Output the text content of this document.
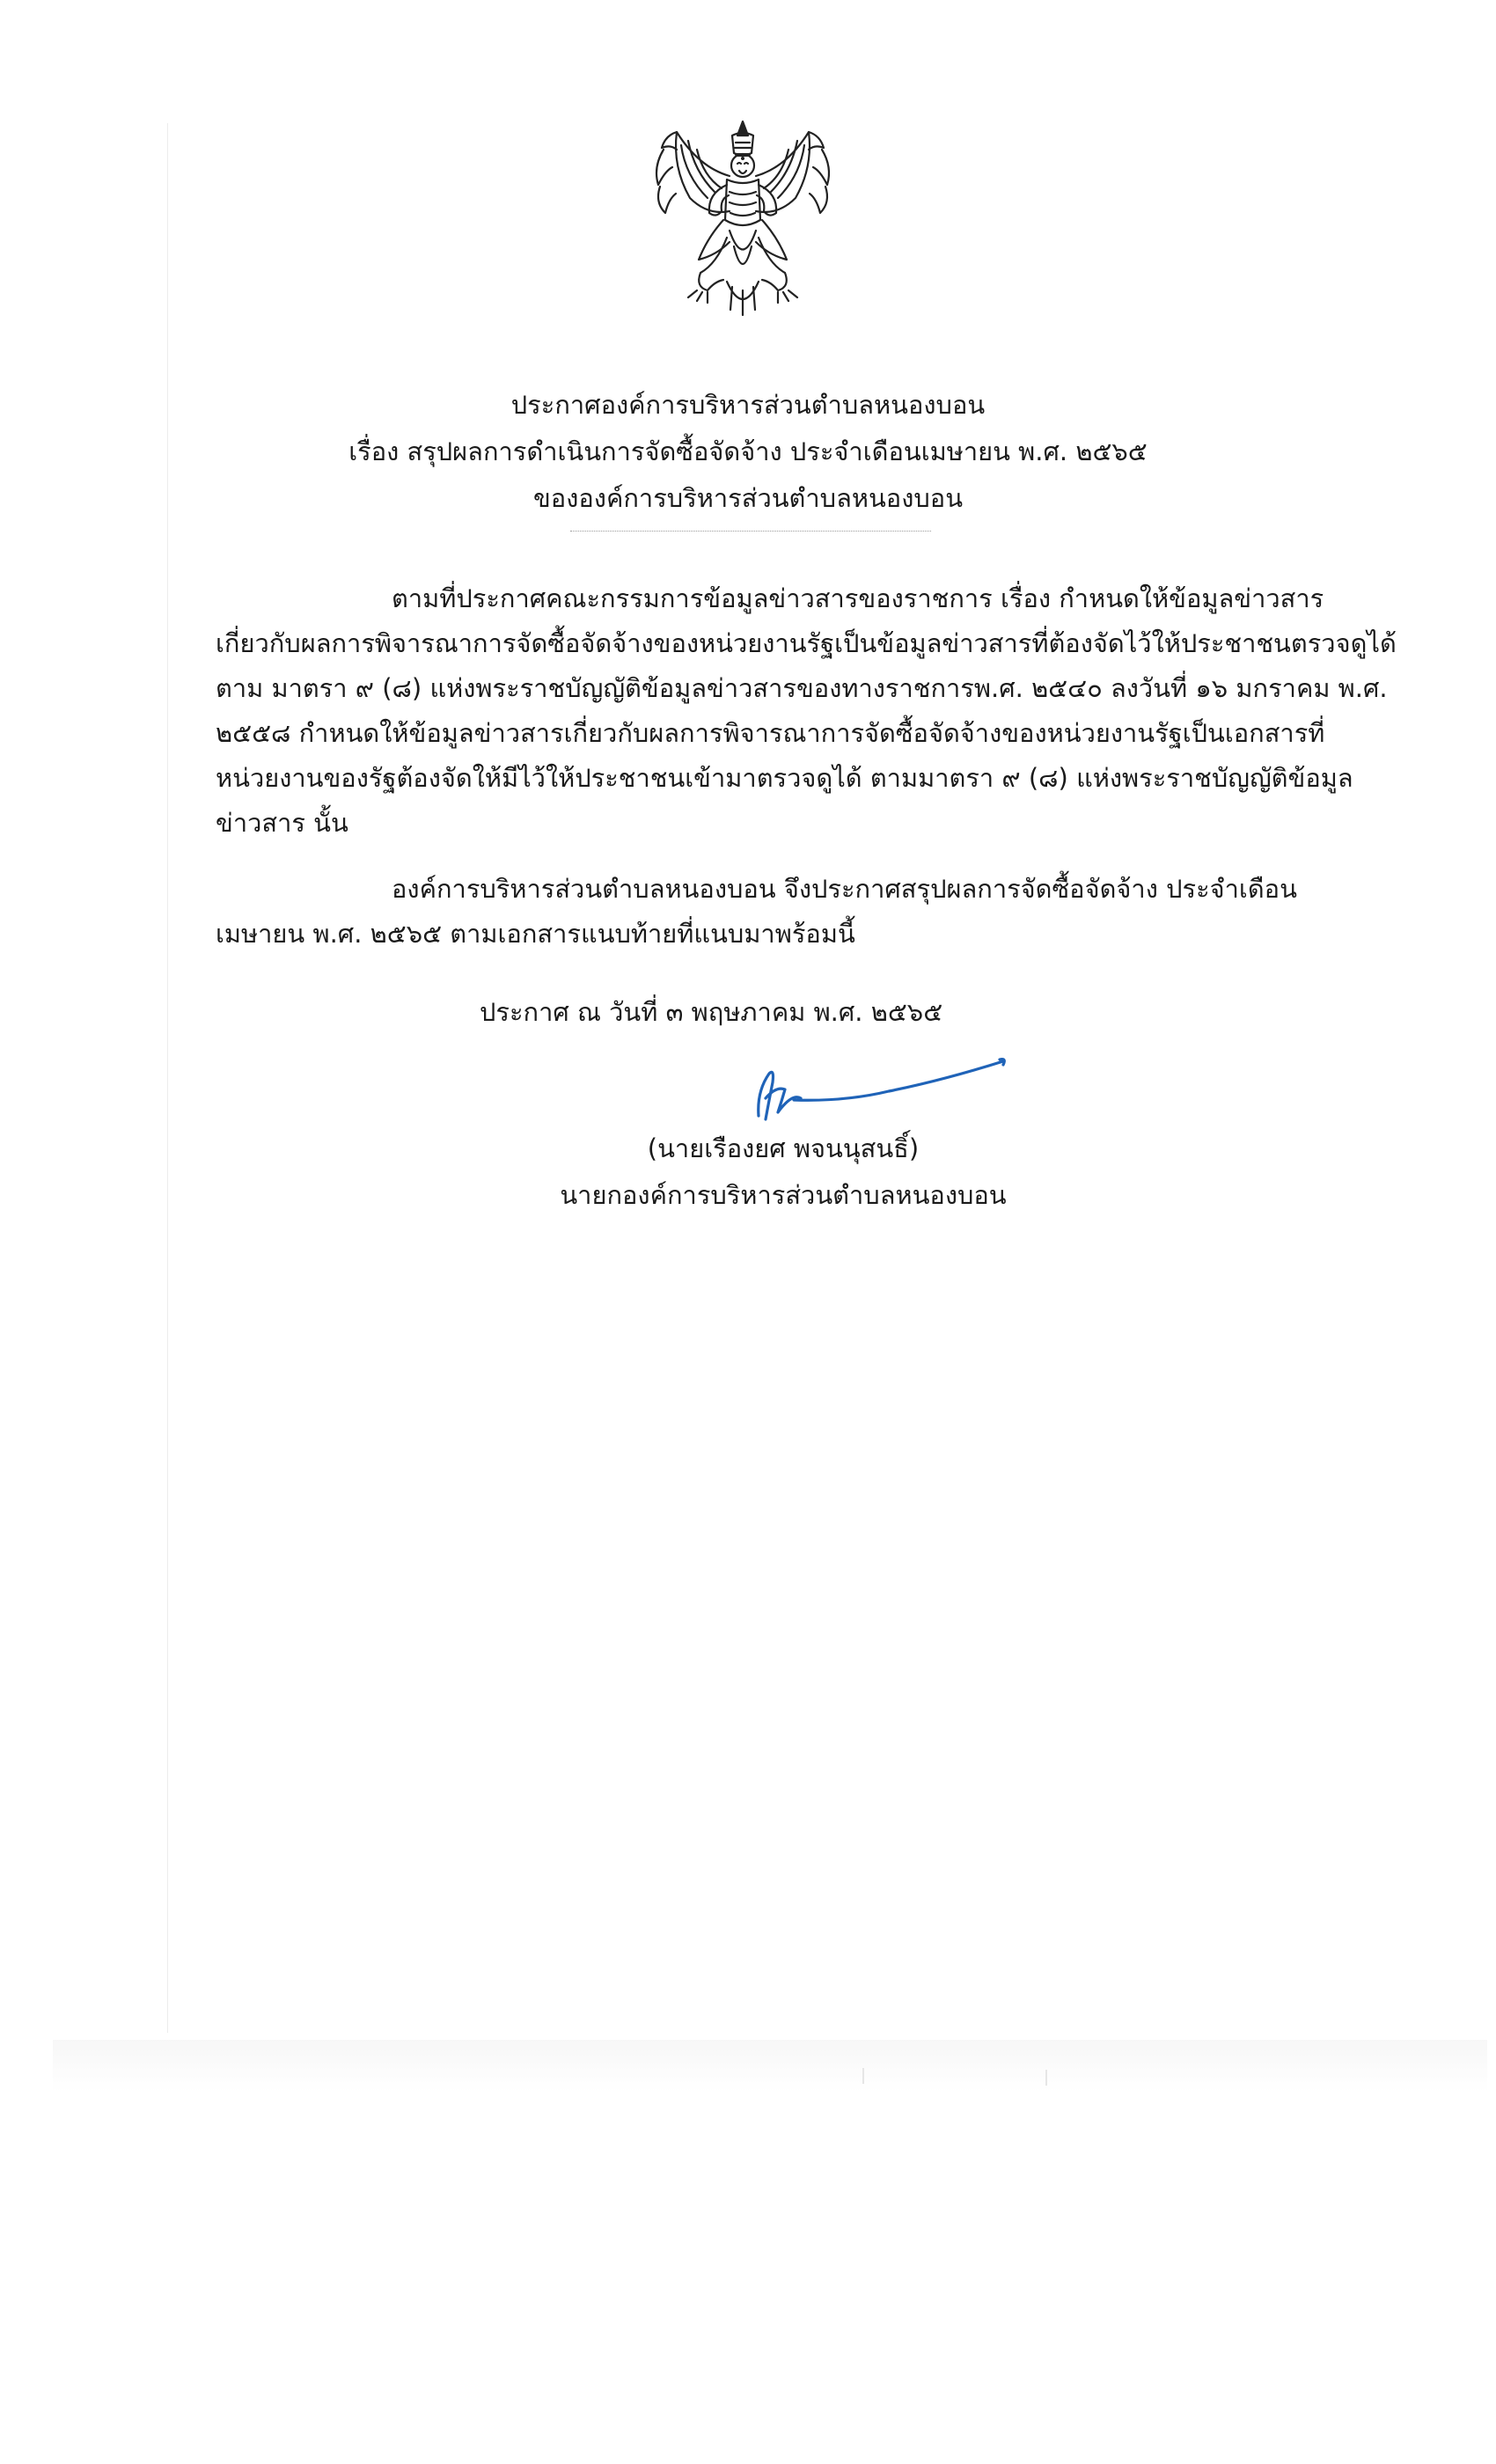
ประกาศองค์การบริหารส่วนตำบลหนองบอน
เรื่อง สรุปผลการดำเนินการจัดซื้อจัดจ้าง ประจำเดือนเมษายน พ.ศ. ๒๕๖๕
ขององค์การบริหารส่วนตำบลหนองบอน
ตามที่ประกาศคณะกรรมการข้อมูลข่าวสารของราชการ เรื่อง กำหนดให้ข้อมูลข่าวสาร
เกี่ยวกับผลการพิจารณาการจัดซื้อจัดจ้างของหน่วยงานรัฐเป็นข้อมูลข่าวสารที่ต้องจัดไว้ให้ประชาชนตรวจดูได้
ตาม มาตรา ๙ (๘) แห่งพระราชบัญญัติข้อมูลข่าวสารของทางราชการพ.ศ. ๒๕๔๐ ลงวันที่ ๑๖ มกราคม พ.ศ.
๒๕๕๘ กำหนดให้ข้อมูลข่าวสารเกี่ยวกับผลการพิจารณาการจัดซื้อจัดจ้างของหน่วยงานรัฐเป็นเอกสารที่
หน่วยงานของรัฐต้องจัดให้มีไว้ให้ประชาชนเข้ามาตรวจดูได้ ตามมาตรา ๙ (๘) แห่งพระราชบัญญัติข้อมูล
ข่าวสาร นั้น
องค์การบริหารส่วนตำบลหนองบอน จึงประกาศสรุปผลการจัดซื้อจัดจ้าง ประจำเดือน
เมษายน พ.ศ. ๒๕๖๕ ตามเอกสารแนบท้ายที่แนบมาพร้อมนี้
ประกาศ ณ วันที่ ๓ พฤษภาคม พ.ศ. ๒๕๖๕
(นายเรืองยศ พจนนุสนธิ์)
นายกองค์การบริหารส่วนตำบลหนองบอน
